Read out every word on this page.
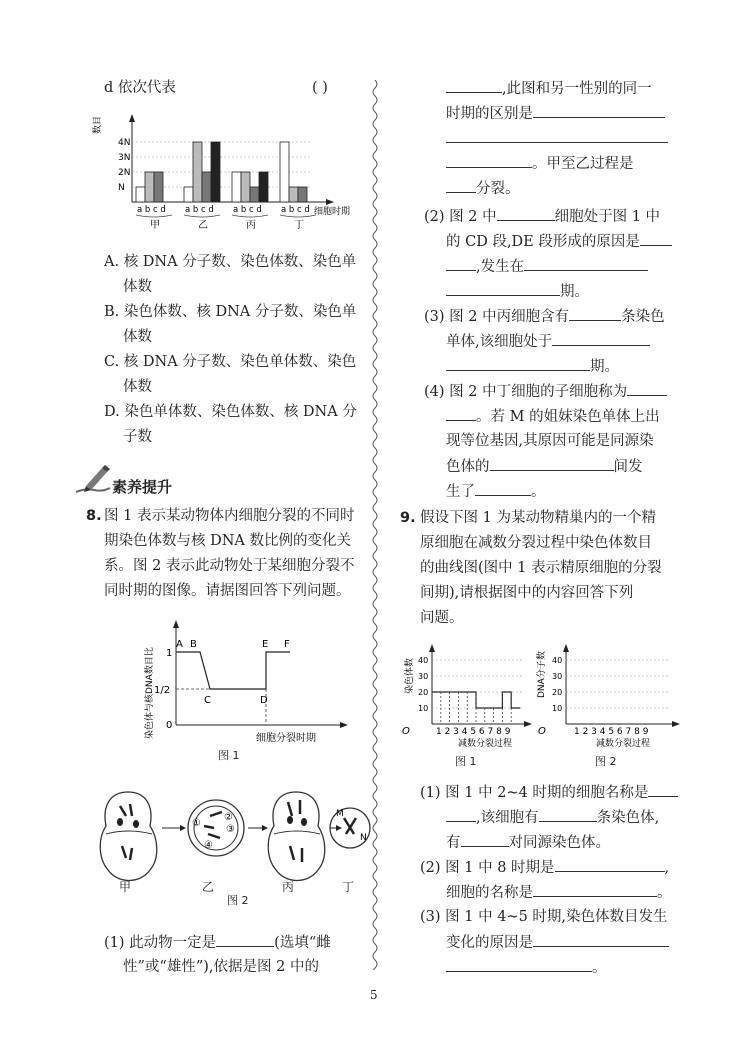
d 依次代表	( )
数目
4N
3N
2N
N
a b c d
甲
a b c d
乙
a b c d
丙
a b c d
丁
细胞时期
A. 核 DNA 分子数、染色体数、染色单
体数
B. 染色体数、核 DNA 分子数、染色单
体数
C. 核 DNA 分子数、染色单体数、染色
体数
D. 染色单体数、染色体数、核 DNA 分
子数
素养提升
8. 图 1 表示某动物体内细胞分裂的不同时
期染色体数与核 DNA 数比例的变化关
系。图 2 表示此动物处于某细胞分裂不
同时期的图像。请据图回答下列问题。
染色体与核DNA数目比 1
1/2
0
A B
C	D
E F
细胞分裂时期
图 1
①
②
③
④
M
N
甲	乙	丙	丁
图 2
(1) 此动物一定是	(选填“雌
性”或“雄性”),依据是图 2 中的
,此图和另一性别的同一
时期的区别是
。甲至乙过程是
分裂。
(2) 图 2 中	细胞处于图 1 中
的 CD 段,DE 段形成的原因是
,发生在
期。
(3) 图 2 中丙细胞含有	条染色
单体,该细胞处于
期。
(4) 图 2 中丁细胞的子细胞称为
。若 M 的姐妹染色单体上出
现等位基因,其原因可能是同源染
色体的	间发
生了	。
9. 假设下图 1 为某动物精巢内的一个精
原细胞在减数分裂过程中染色体数目
的曲线图(图中 1 表示精原细胞的分裂
间期),请根据图中的内容回答下列
问题。
染色体数 40
30
20
10
O	1 2 3 4 5 6 7 8 9
减数分裂过程
图 1
DNA分子数 40
30
20
10
O	1 2 3 4 5 6 7 8 9
减数分裂过程
图 2
(1) 图 1 中 2~4 时期的细胞名称是
,该细胞有	条染色体,
有	对同源染色体。
(2) 图 1 中 8 时期是	,
细胞的名称是	。
(3) 图 1 中 4~5 时期,染色体数目发生
变化的原因是
。
5
